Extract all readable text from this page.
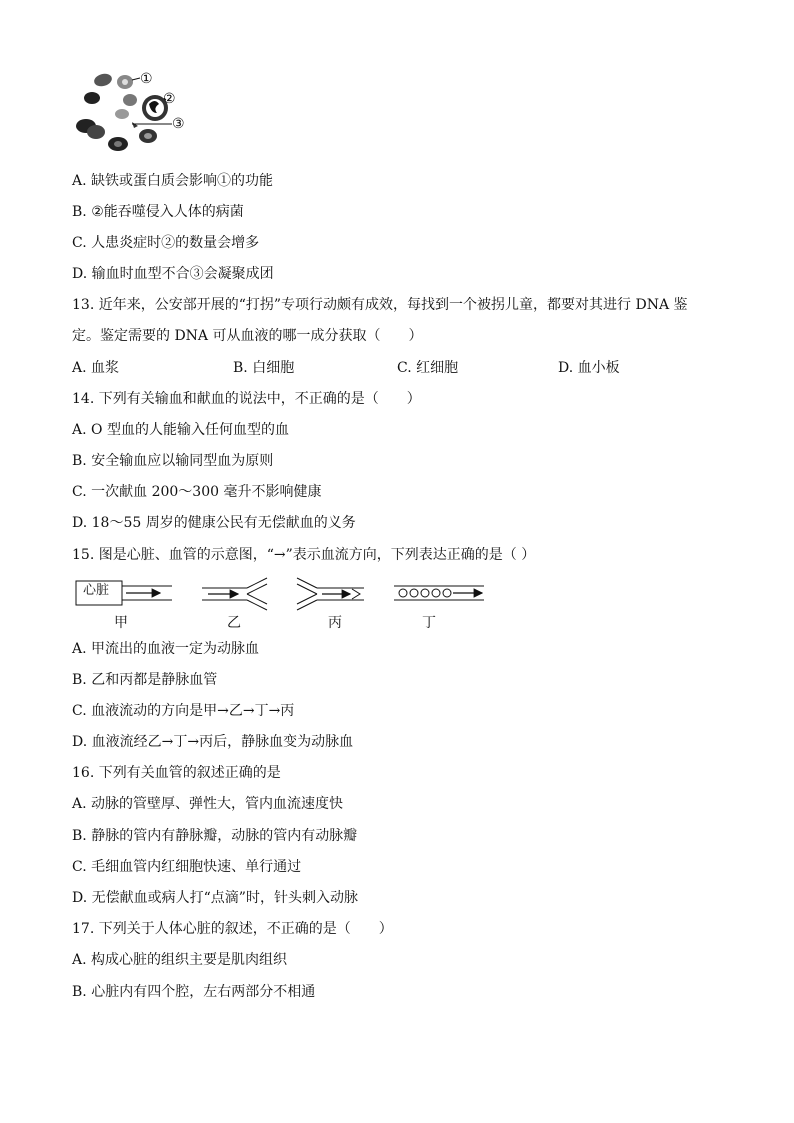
①
②
③
A. 缺铁或蛋白质会影响①的功能
B. ②能吞噬侵入人体的病菌
C. 人患炎症时②的数量会增多
D. 输血时血型不合③会凝聚成团
13. 近年来，公安部开展的“打拐”专项行动颇有成效，每找到一个被拐儿童，都要对其进行 DNA 鉴
定。鉴定需要的 DNA 可从血液的哪一成分获取（　　）
A. 血浆	B. 白细胞	C. 红细胞	D. 血小板
14. 下列有关输血和献血的说法中，不正确的是（　　）
A. O 型血的人能输入任何血型的血
B. 安全输血应以输同型血为原则
C. 一次献血 200～300 毫升不影响健康
D. 18～55 周岁的健康公民有无偿献血的义务
15. 图是心脏、血管的示意图，“→”表示血流方向，下列表达正确的是（ ）
心脏
甲	乙	丙	丁
A. 甲流出的血液一定为动脉血
B. 乙和丙都是静脉血管
C. 血液流动的方向是甲→乙→丁→丙
D. 血液流经乙→丁→丙后，静脉血变为动脉血
16. 下列有关血管的叙述正确的是
A. 动脉的管壁厚、弹性大，管内血流速度快
B. 静脉的管内有静脉瓣，动脉的管内有动脉瓣
C. 毛细血管内红细胞快速、单行通过
D. 无偿献血或病人打“点滴”时，针头刺入动脉
17. 下列关于人体心脏的叙述，不正确的是（　　）
A. 构成心脏的组织主要是肌肉组织
B. 心脏内有四个腔，左右两部分不相通
